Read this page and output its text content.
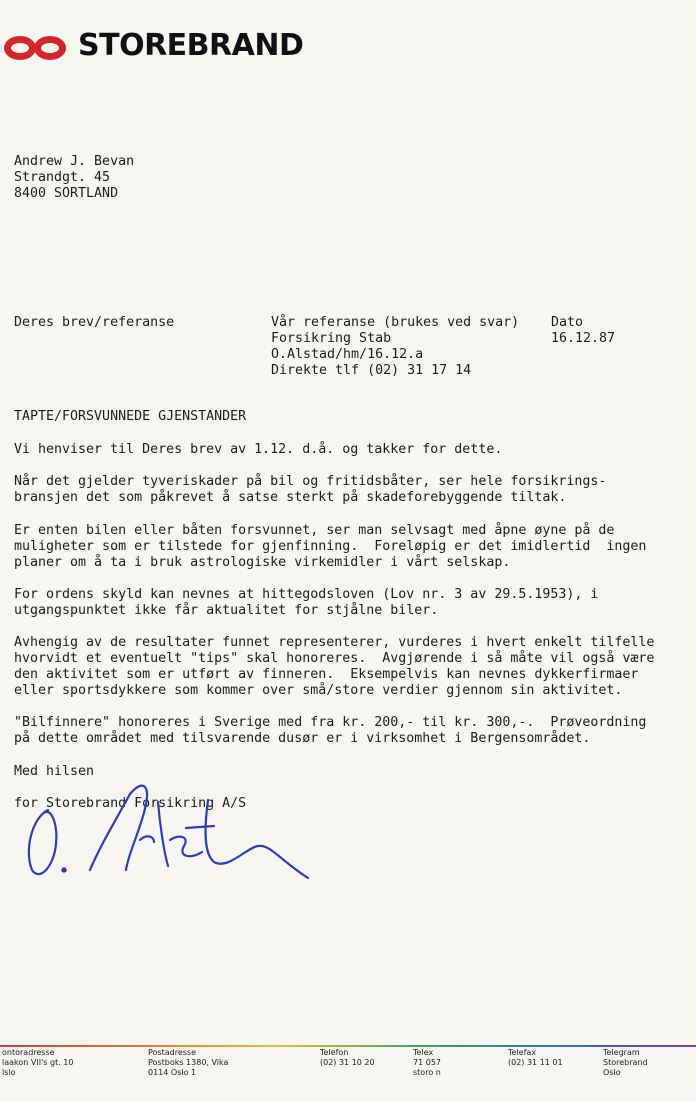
STOREBRAND
Andrew J. Bevan
Strandgt. 45
8400 SORTLAND
Deres brev/referanse	Vår referanse (brukes ved svar)
Forsikring Stab
O.Alstad/hm/16.12.a
Direkte tlf (02) 31 17 14
Dato
16.12.87
TAPTE/FORSVUNNEDE GJENSTANDER
Vi henviser til Deres brev av 1.12. d.å. og takker for dette.
Når det gjelder tyveriskader på bil og fritidsbåter, ser hele forsikrings-
bransjen det som påkrevet å satse sterkt på skadeforebyggende tiltak.
Er enten bilen eller båten forsvunnet, ser man selvsagt med åpne øyne på de
muligheter som er tilstede for gjenfinning.  Foreløpig er det imidlertid  ingen
planer om å ta i bruk astrologiske virkemidler i vårt selskap.
For ordens skyld kan nevnes at hittegodsloven (Lov nr. 3 av 29.5.1953), i
utgangspunktet ikke får aktualitet for stjålne biler.
Avhengig av de resultater funnet representerer, vurderes i hvert enkelt tilfelle
hvorvidt et eventuelt "tips" skal honoreres.  Avgjørende i så måte vil også være
den aktivitet som er utført av finneren.  Eksempelvis kan nevnes dykkerfirmaer
eller sportsdykkere som kommer over små/store verdier gjennom sin aktivitet.
"Bilfinnere" honoreres i Sverige med fra kr. 200,- til kr. 300,-.  Prøveordning
på dette området med tilsvarende dusør er i virksomhet i Bergensområdet.
Med hilsen
for Storebrand Forsikring A/S
ontoradresse
laakon VII's gt. 10
lslo
Postadresse
Postboks 1380, Vika
0114 Oslo 1
Telefon
(02) 31 10 20
Telex
71 057
storo n
Telefax
(02) 31 11 01
Telegram
Storebrand
Oslo
